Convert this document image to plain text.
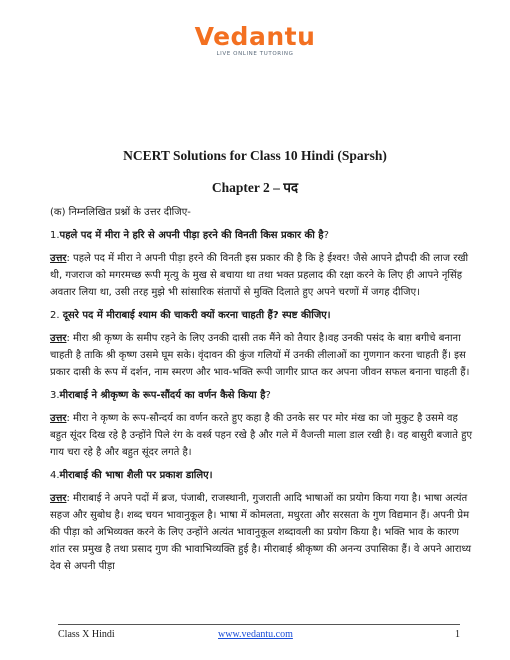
Vedantu
LIVE ONLINE TUTORING
NCERT Solutions for Class 10 Hindi (Sparsh)
Chapter 2 – पद

(क) निम्नलिखित प्रश्नों के उत्तर दीजिए-

1.पहले पद में मीरा ने हरि से अपनी पीड़ा हरने की विनती किस प्रकार की है?

उत्तर: पहले पद में मीरा ने अपनी पीड़ा हरने की विनती इस प्रकार की है कि हे ईश्वर! जैसे आपने द्रौपदी की लाज रखी थी, गजराज को मगरमच्छ रूपी मृत्यु के मुख से बचाया था तथा भक्त प्रहलाद की रक्षा करने के लिए ही आपने नृसिंह अवतार लिया था, उसी तरह मुझे भी सांसारिक संतापों से मुक्ति दिलाते हुए अपने चरणों में जगह दीजिए।

2. दूसरे पद में मीराबाई श्याम की चाकरी क्यों करना चाहती हैं? स्पष्ट कीजिए।

उत्तर: मीरा श्री कृष्ण के समीप रहने के लिए उनकी दासी तक मैंने को तैयार है।वह उनकी पसंद के बाग़ बगीचे बनाना चाहती है ताकि श्री कृष्ण उसमे घूम सके। वृंदावन की कुंज गलियों में उनकी लीलाओं का गुणगान करना चाहती हैं। इस प्रकार दासी के रूप में दर्शन, नाम स्मरण और भाव-भक्ति रूपी जागीर प्राप्त कर अपना जीवन सफल बनाना चाहती हैं।

3.मीराबाई ने श्रीकृष्ण के रूप-सौंदर्य का वर्णन कैसे किया है?

उत्तर: मीरा ने कृष्ण के रूप-सौन्दर्य का वर्णन करते हुए कहा है की उनके सर पर मोर मंख का जो मुकुट है उसमे वह बहुत सूंदर दिख रहे है उन्होंने पिले रंग के वर्स्त्र पहन रखे है और गले में वैजन्ती माला डाल रखी है। वह बासुरी बजाते हुए गाय चरा रहे है और बहुत सूंदर लगते है।

4.मीराबाई की भाषा शैली पर प्रकाश डालिए।

उत्तर: मीराबाई ने अपने पदों में ब्रज, पंजाबी, राजस्थानी, गुजराती आदि भाषाओं का प्रयोग किया गया है। भाषा अत्यंत सहज और सुबोध है। शब्द चयन भावानुकूल है। भाषा में कोमलता, मधुरता और सरसता के गुण विद्यमान हैं। अपनी प्रेम की पीड़ा को अभिव्यक्त करने के लिए उन्होंने अत्यंत भावानुकूल शब्दावली का प्रयोग किया है। भक्ति भाव के कारण शांत रस प्रमुख है तथा प्रसाद गुण की भावाभिव्यक्ति हुई है। मीराबाई श्रीकृष्ण की अनन्य उपासिका हैं। वे अपने आराध्य देव से अपनी पीड़ा

Class X Hindi	www.vedantu.com	1
